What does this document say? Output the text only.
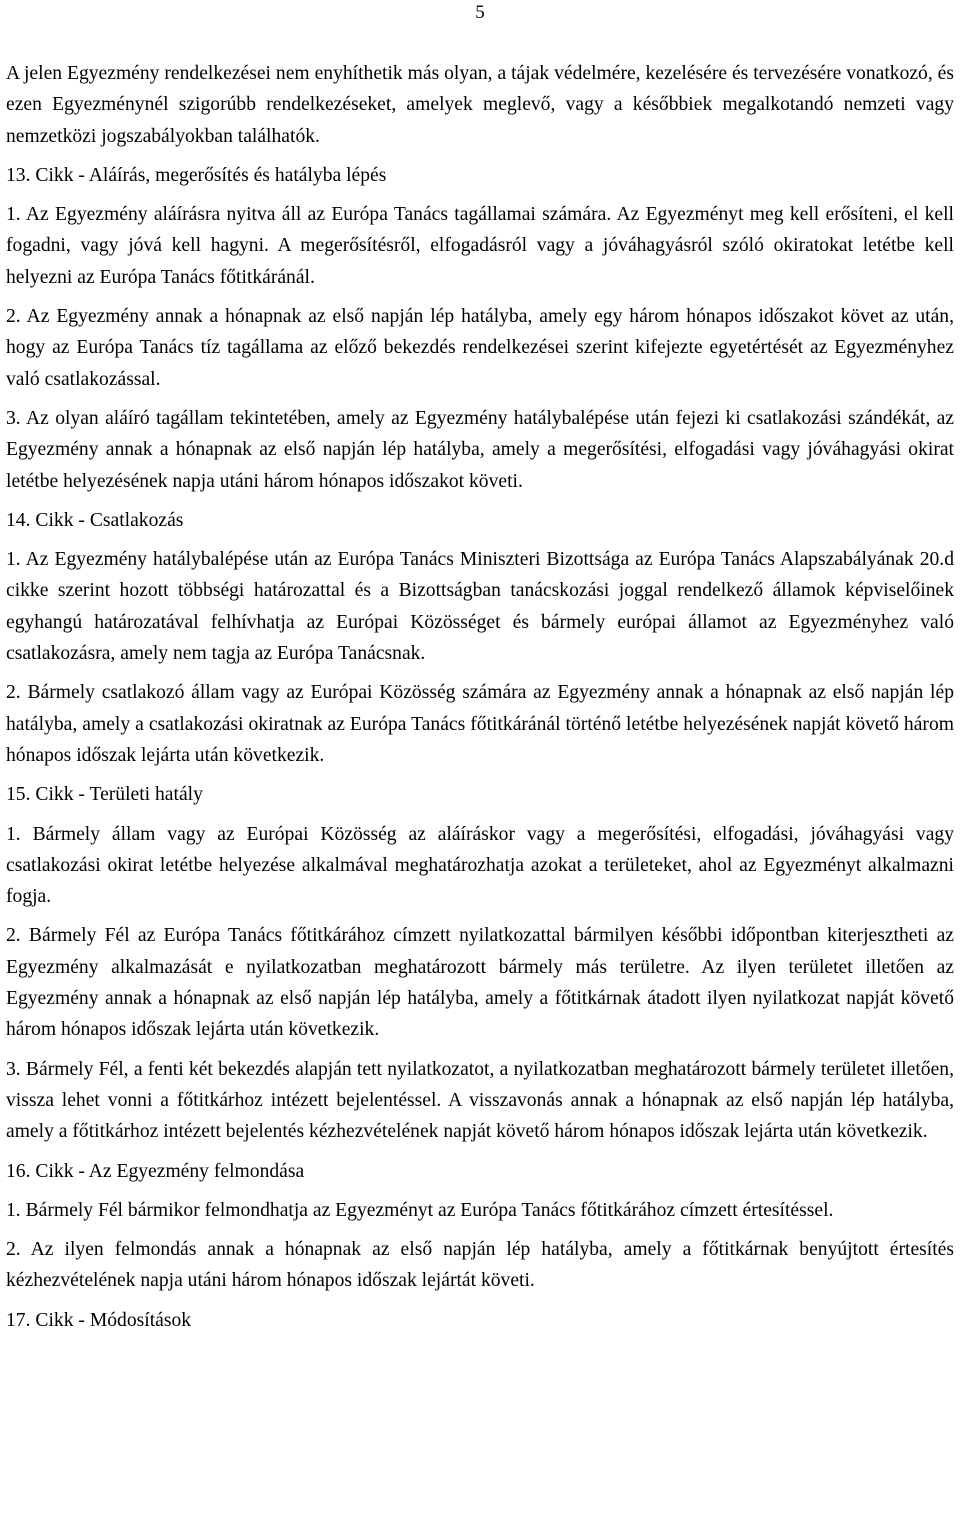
5

A jelen Egyezmény rendelkezései nem enyhíthetik más olyan, a tájak védelmére, kezelésére és tervezésére vonatkozó, és ezen Egyezménynél szigorúbb rendelkezéseket, amelyek meglevő, vagy a későbbiek megalkotandó nemzeti vagy nemzetközi jogszabályokban találhatók.

13. Cikk - Aláírás, megerősítés és hatályba lépés

1. Az Egyezmény aláírásra nyitva áll az Európa Tanács tagállamai számára. Az Egyezményt meg kell erősíteni, el kell fogadni, vagy jóvá kell hagyni. A megerősítésről, elfogadásról vagy a jóváhagyásról szóló okiratokat letétbe kell helyezni az Európa Tanács főtitkáránál.

2. Az Egyezmény annak a hónapnak az első napján lép hatályba, amely egy három hónapos időszakot követ az után, hogy az Európa Tanács tíz tagállama az előző bekezdés rendelkezései szerint kifejezte egyetértését az Egyezményhez való csatlakozással.

3. Az olyan aláíró tagállam tekintetében, amely az Egyezmény hatálybalépése után fejezi ki csatlakozási szándékát, az Egyezmény annak a hónapnak az első napján lép hatályba, amely a megerősítési, elfogadási vagy jóváhagyási okirat letétbe helyezésének napja utáni három hónapos időszakot követi.

14. Cikk - Csatlakozás

1. Az Egyezmény hatálybalépése után az Európa Tanács Miniszteri Bizottsága az Európa Tanács Alapszabályának 20.d cikke szerint hozott többségi határozattal és a Bizottságban tanácskozási joggal rendelkező államok képviselőinek egyhangú határozatával felhívhatja az Európai Közösséget és bármely európai államot az Egyezményhez való csatlakozásra, amely nem tagja az Európa Tanácsnak.

2. Bármely csatlakozó állam vagy az Európai Közösség számára az Egyezmény annak a hónapnak az első napján lép hatályba, amely a csatlakozási okiratnak az Európa Tanács főtitkáránál történő letétbe helyezésének napját követő három hónapos időszak lejárta után következik.

15. Cikk - Területi hatály

1. Bármely állam vagy az Európai Közösség az aláíráskor vagy a megerősítési, elfogadási, jóváhagyási vagy csatlakozási okirat letétbe helyezése alkalmával meghatározhatja azokat a területeket, ahol az Egyezményt alkalmazni fogja.

2. Bármely Fél az Európa Tanács főtitkárához címzett nyilatkozattal bármilyen későbbi időpontban kiterjesztheti az Egyezmény alkalmazását e nyilatkozatban meghatározott bármely más területre. Az ilyen területet illetően az Egyezmény annak a hónapnak az első napján lép hatályba, amely a főtitkárnak átadott ilyen nyilatkozat napját követő három hónapos időszak lejárta után következik.

3. Bármely Fél, a fenti két bekezdés alapján tett nyilatkozatot, a nyilatkozatban meghatározott bármely területet illetően, vissza lehet vonni a főtitkárhoz intézett bejelentéssel. A visszavonás annak a hónapnak az első napján lép hatályba, amely a főtitkárhoz intézett bejelentés kézhezvételének napját követő három hónapos időszak lejárta után következik.

16. Cikk - Az Egyezmény felmondása

1. Bármely Fél bármikor felmondhatja az Egyezményt az Európa Tanács főtitkárához címzett értesítéssel.

2. Az ilyen felmondás annak a hónapnak az első napján lép hatályba, amely a főtitkárnak benyújtott értesítés kézhezvételének napja utáni három hónapos időszak lejártát követi.

17. Cikk - Módosítások
